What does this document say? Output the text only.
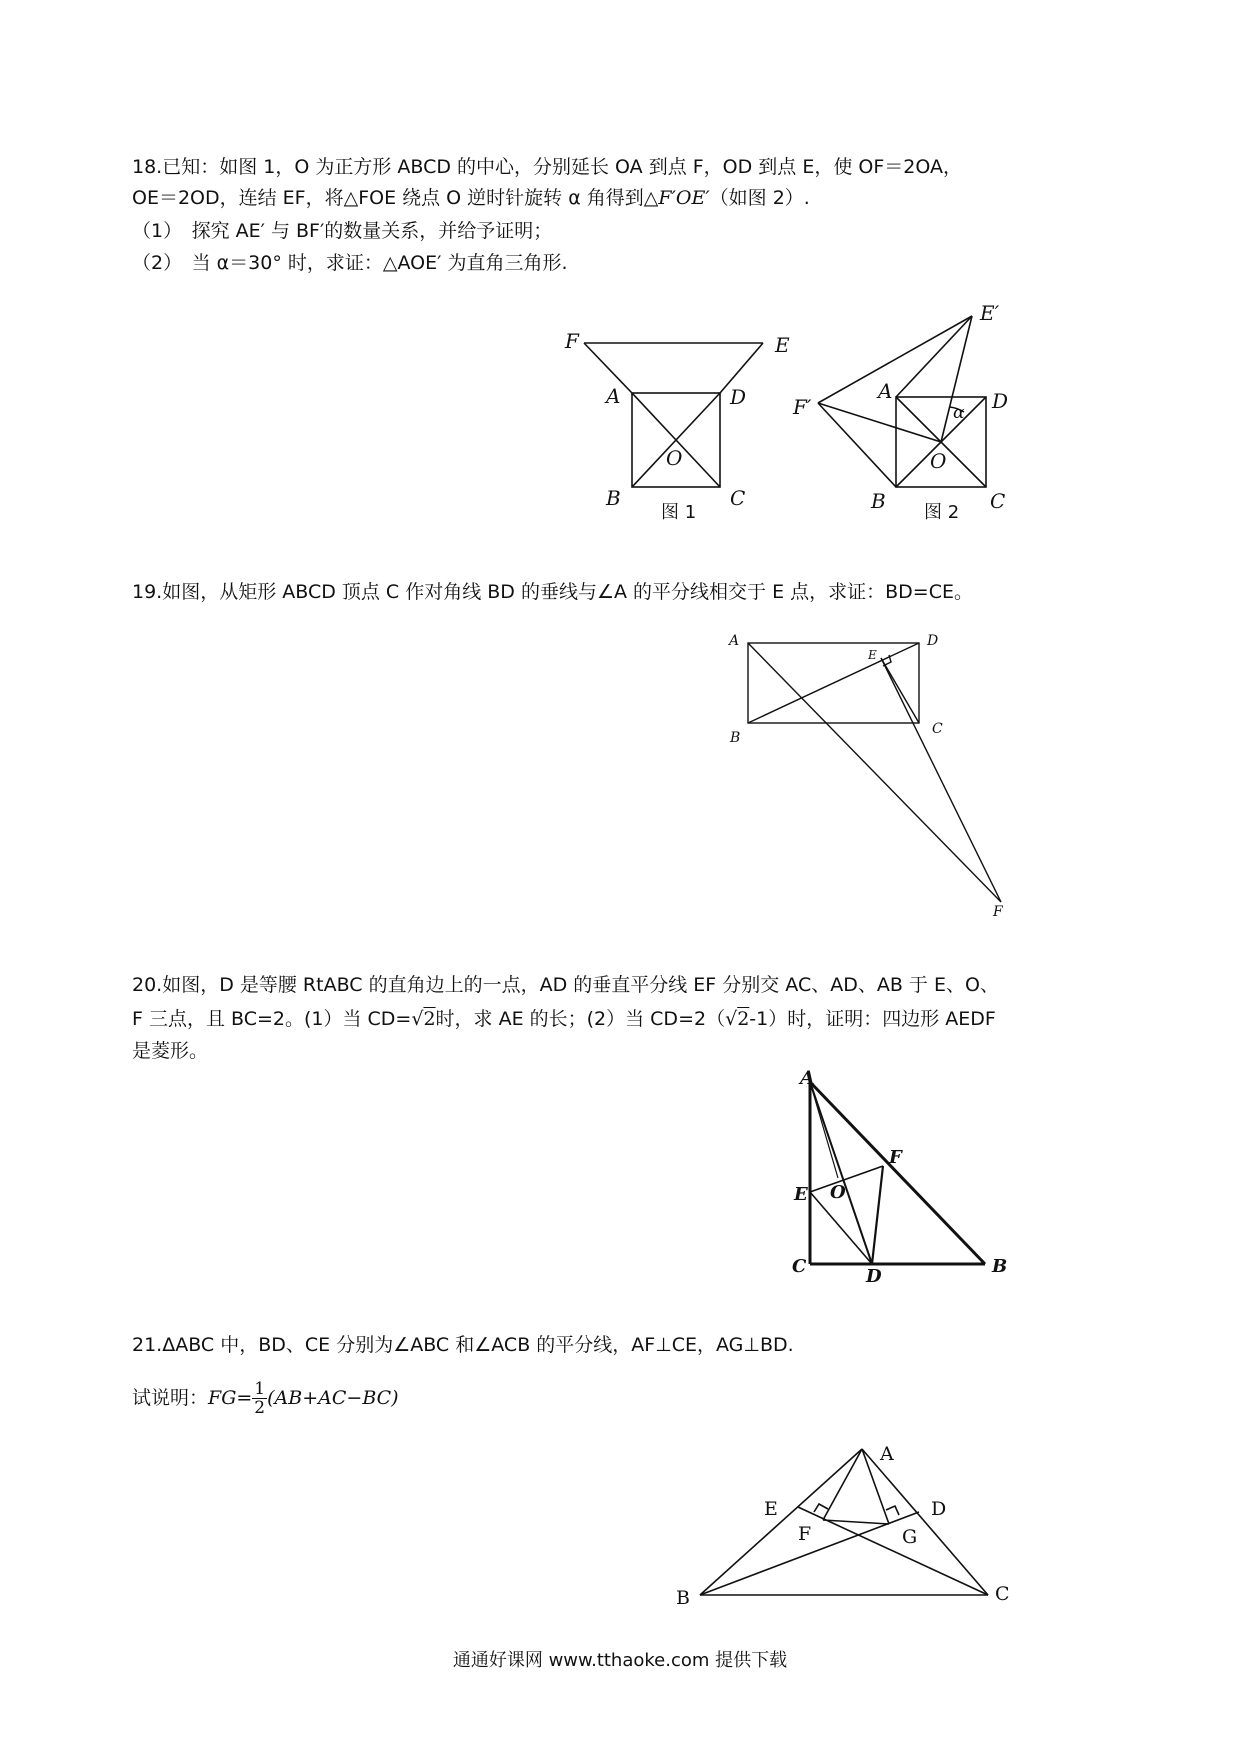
18.已知：如图 1，O 为正方形 ABCD 的中心，分别延长 OA 到点 F，OD 到点 E，使 OF＝2OA，
OE＝2OD，连结 EF，将△FOE 绕点 O 逆时针旋转 α 角得到△F′OE′（如图 2）.
（1）　探究 AE′ 与 BF′的数量关系，并给予证明；
（2）　当 α＝30° 时，求证：△AOE′ 为直角三角形.
F	E
A	D
O
B	C
图 1
E′
F′
A	D
O
α
B	C
图 2
19.如图，从矩形 ABCD 顶点 C 作对角线 BD 的垂线与∠A 的平分线相交于 E 点，求证：BD=CE。
A	D
E
B
C
F
20.如图，D 是等腰 RtABC 的直角边上的一点，AD 的垂直平分线 EF 分别交 AC、AD、AB 于 E、O、
F 三点，且 BC=2。(1）当 CD=√2时，求 AE 的长；(2）当 CD=2（√2-1）时，证明：四边形 AEDF
是菱形。
A
F
E O
C	D	B
21.ΔABC 中，BD、CE 分别为∠ABC 和∠ACB 的平分线，AF⊥CE，AG⊥BD.
试说明：$FG= \frac{1}{2} (AB+AC-BC)$
A
E	D
F	G
B	C
通通好课网 www.tthaoke.com 提供下载
